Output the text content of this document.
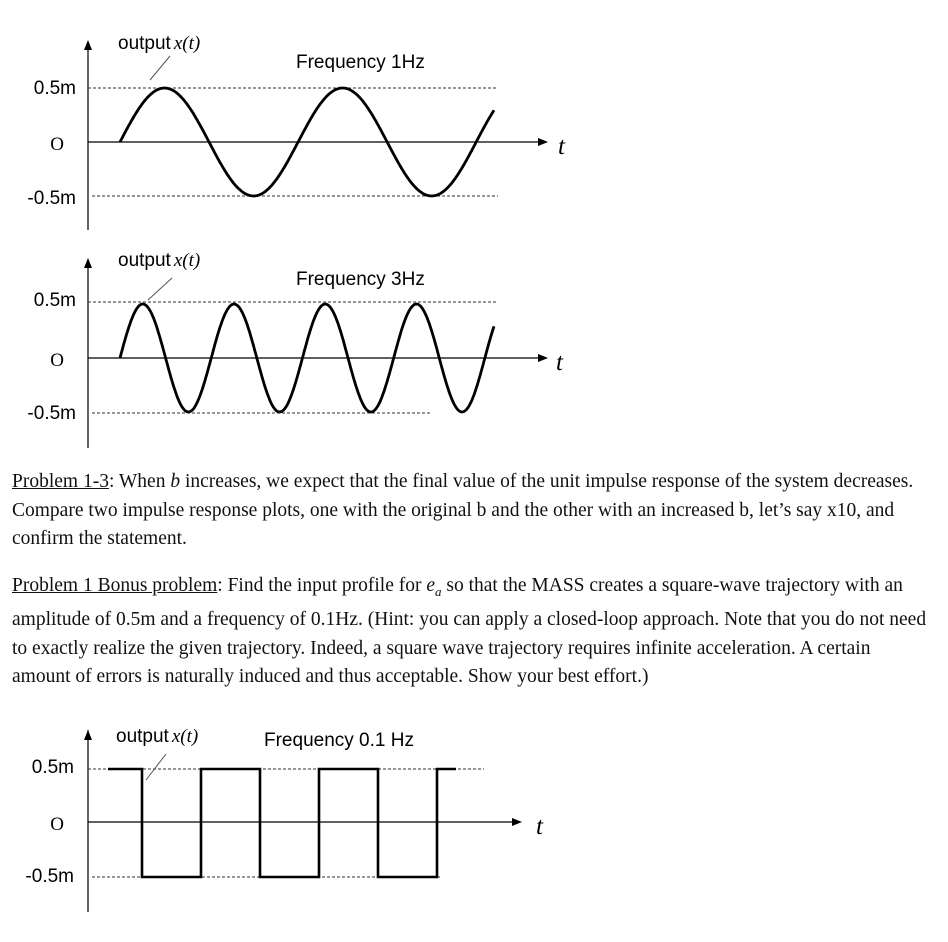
output x(t)
Frequency 1Hz
0.5m
O
-0.5m
t
output x(t)
Frequency 3Hz
0.5m
O
-0.5m
t

Problem 1-3: When b increases, we expect that the final value of the unit impulse response of the system decreases. Compare two impulse response plots, one with the original b and the other with an increased b, let’s say x10, and confirm the statement.

Problem 1 Bonus problem: Find the input profile for $e_a$ so that the MASS creates a square-wave trajectory with an amplitude of 0.5m and a frequency of 0.1Hz. (Hint: you can apply a closed-loop approach. Note that you do not need to exactly realize the given trajectory. Indeed, a square wave trajectory requires infinite acceleration. A certain amount of errors is naturally induced and thus acceptable. Show your best effort.)

output x(t)	Frequency 0.1 Hz
0.5m
O
-0.5m
t
